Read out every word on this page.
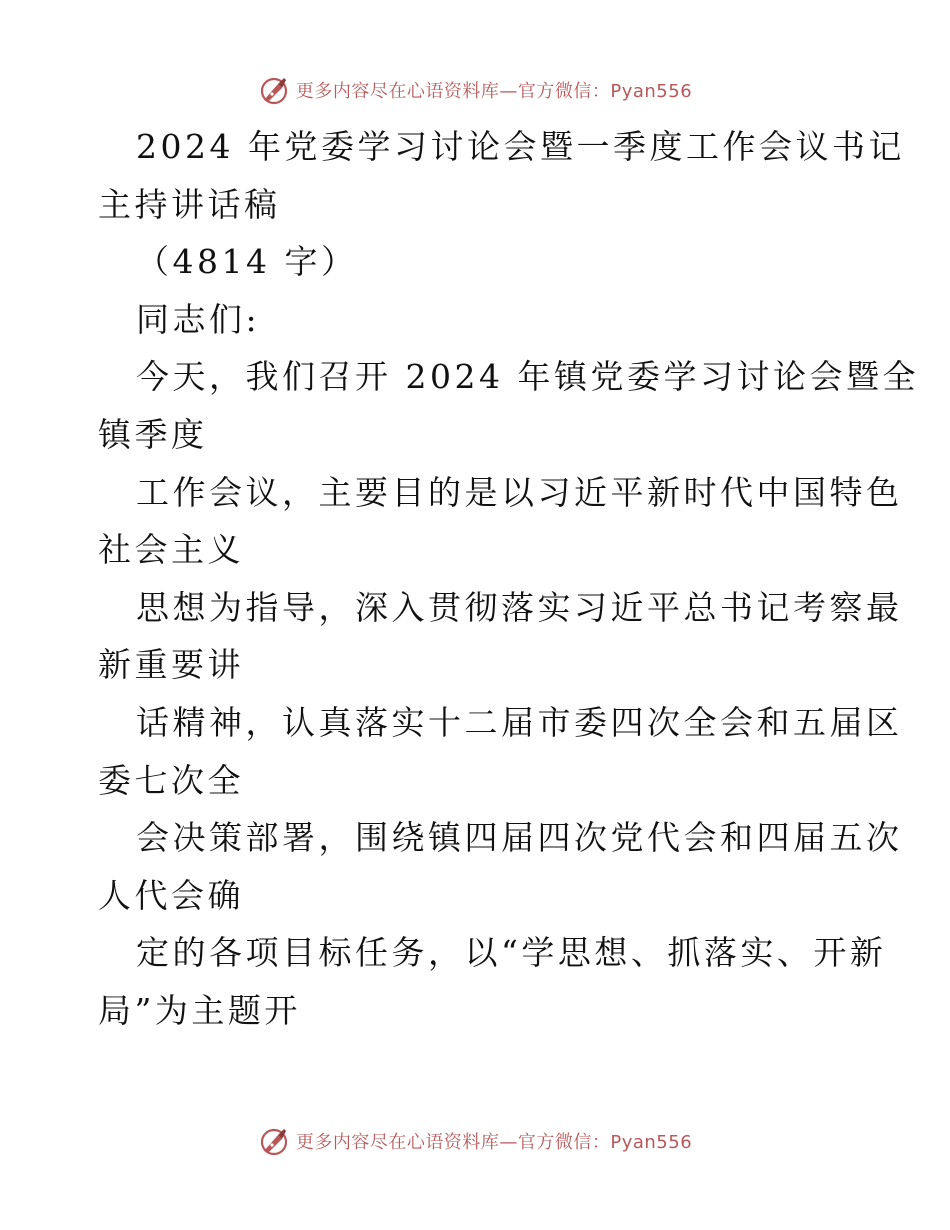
更多内容尽在心语资料库—官方微信：Pyan556
2024 年党委学习讨论会暨一季度工作会议书记
主持讲话稿
（4814 字）
同志们:
今天，我们召开 2024 年镇党委学习讨论会暨全
镇季度
工作会议，主要目的是以习近平新时代中国特色
社会主义
思想为指导，深入贯彻落实习近平总书记考察最
新重要讲
话精神，认真落实十二届市委四次全会和五届区
委七次全
会决策部署，围绕镇四届四次党代会和四届五次
人代会确
定的各项目标任务，以“学思想、抓落实、开新
局”为主题开
更多内容尽在心语资料库—官方微信：Pyan556
